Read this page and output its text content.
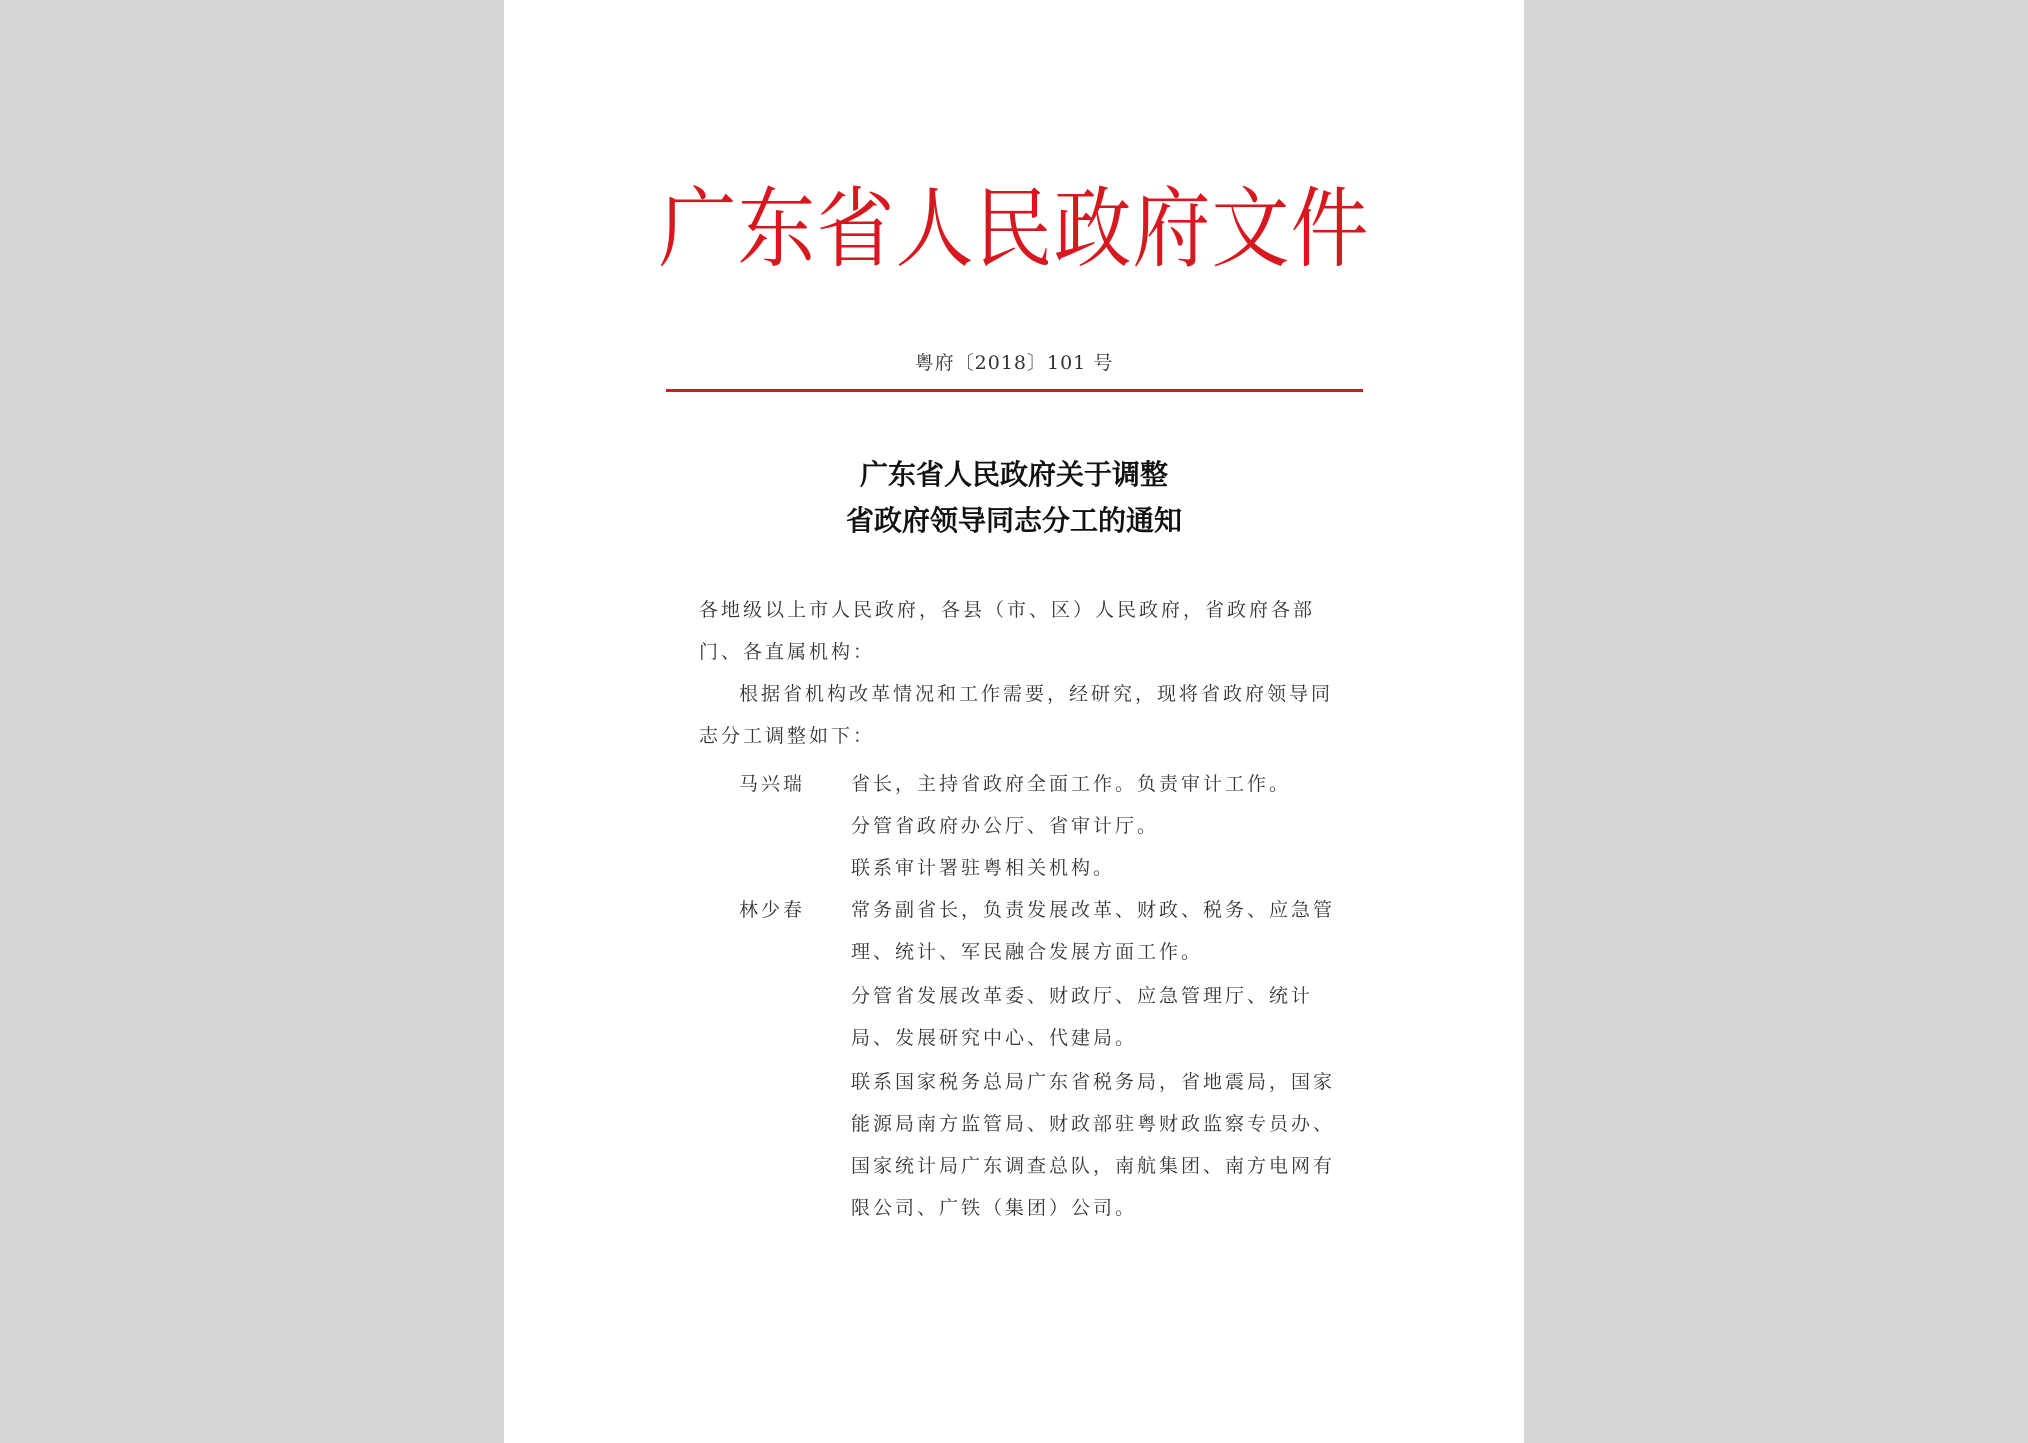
广东省人民政府文件
粤府〔2018〕101 号
广东省人民政府关于调整
省政府领导同志分工的通知
各地级以上市人民政府，各县（市、区）人民政府，省政府各部门、各直属机构：
根据省机构改革情况和工作需要，经研究，现将省政府领导同志分工调整如下：
马兴瑞 省长，主持省政府全面工作。负责审计工作。
分管省政府办公厅、省审计厅。
联系审计署驻粤相关机构。
林少春 常务副省长，负责发展改革、财政、税务、应急管理、统计、军民融合发展方面工作。
分管省发展改革委、财政厅、应急管理厅、统计局、发展研究中心、代建局。
联系国家税务总局广东省税务局，省地震局，国家能源局南方监管局、财政部驻粤财政监察专员办、国家统计局广东调查总队，南航集团、南方电网有限公司、广铁（集团）公司。
